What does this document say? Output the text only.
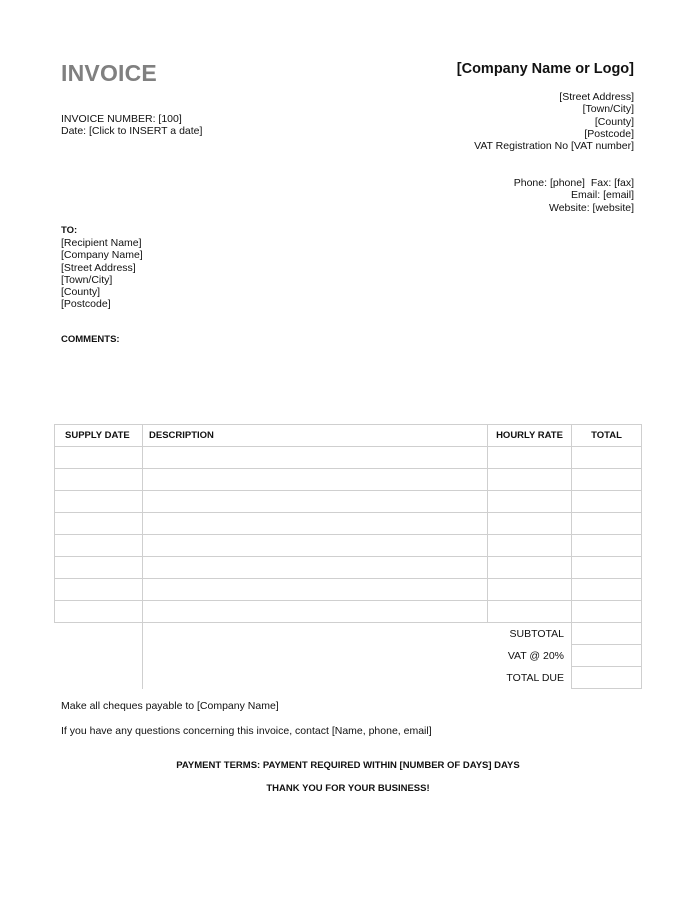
INVOICE
INVOICE NUMBER: [100]
Date: [Click to INSERT a date]
[Company Name or Logo]
[Street Address]
[Town/City]
[County]
[Postcode]
VAT Registration No [VAT number]
Phone: [phone]  Fax: [fax]
Email: [email]
Website: [website]
TO:
[Recipient Name]
[Company Name]
[Street Address]
[Town/City]
[County]
[Postcode]
COMMENTS:
SUPPLY DATE	DESCRIPTION	HOURLY RATE	TOTAL

	SUBTOTAL		
	VAT @ 20%		
	TOTAL DUE		
Make all cheques payable to [Company Name]
If you have any questions concerning this invoice, contact [Name, phone, email]
PAYMENT TERMS: PAYMENT REQUIRED WITHIN [NUMBER OF DAYS] DAYS
THANK YOU FOR YOUR BUSINESS!
